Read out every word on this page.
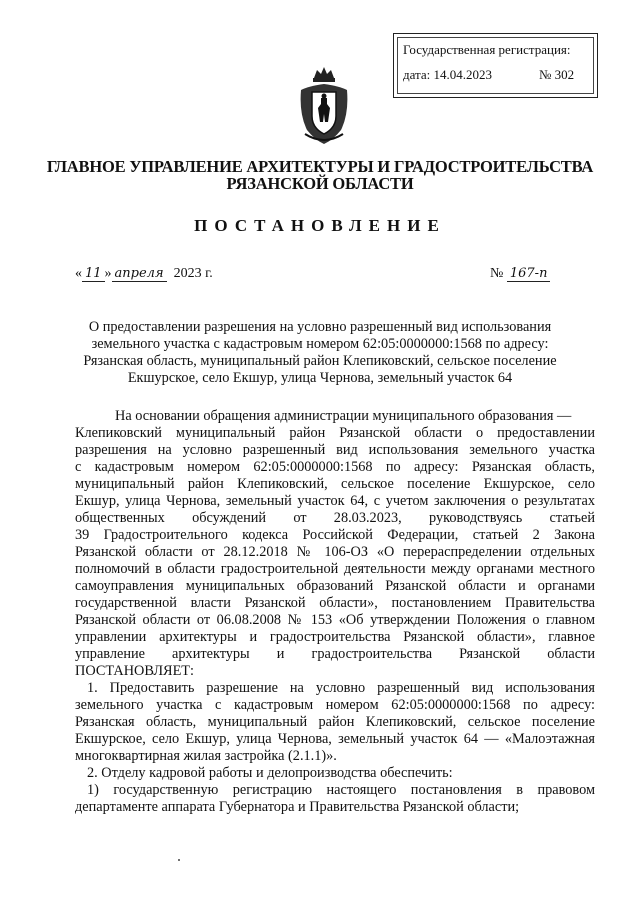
Государственная регистрация:
дата: 14.04.2023	№ 302
ГЛАВНОЕ УПРАВЛЕНИЕ АРХИТЕКТУРЫ И ГРАДОСТРОИТЕЛЬСТВА
РЯЗАНСКОЙ ОБЛАСТИ
ПОСТАНОВЛЕНИЕ
« 11 » апреля 2023 г.	№ 167-п
О предоставлении разрешения на условно разрешенный вид использования
земельного участка с кадастровым номером 62:05:0000000:1568 по адресу:
Рязанская область, муниципальный район Клепиковский, сельское поселение
Екшурское, село Екшур, улица Чернова, земельный участок 64
На основании обращения администрации муниципального образования —
Клепиковский муниципальный район Рязанской области о предоставлении
разрешения на условно разрешенный вид использования земельного участка
с кадастровым номером 62:05:0000000:1568 по адресу: Рязанская область,
муниципальный район Клепиковский, сельское поселение Екшурское, село
Екшур, улица Чернова, земельный участок 64, с учетом заключения о результатах
общественных обсуждений от 28.03.2023, руководствуясь статьей
39 Градостроительного кодекса Российской Федерации, статьей 2 Закона
Рязанской области от 28.12.2018 № 106-ОЗ «О перераспределении отдельных
полномочий в области градостроительной деятельности между органами местного
самоуправления муниципальных образований Рязанской области и органами
государственной власти Рязанской области», постановлением Правительства
Рязанской области от 06.08.2008 № 153 «Об утверждении Положения о главном
управлении архитектуры и градостроительства Рязанской области», главное
управление архитектуры и градостроительства Рязанской области
ПОСТАНОВЛЯЕТ:
1. Предоставить разрешение на условно разрешенный вид использования
земельного участка с кадастровым номером 62:05:0000000:1568 по адресу:
Рязанская область, муниципальный район Клепиковский, сельское поселение
Екшурское, село Екшур, улица Чернова, земельный участок 64 — «Малоэтажная
многоквартирная жилая застройка (2.1.1)».
2. Отделу кадровой работы и делопроизводства обеспечить:
1) государственную регистрацию настоящего постановления в правовом
департаменте аппарата Губернатора и Правительства Рязанской области;
